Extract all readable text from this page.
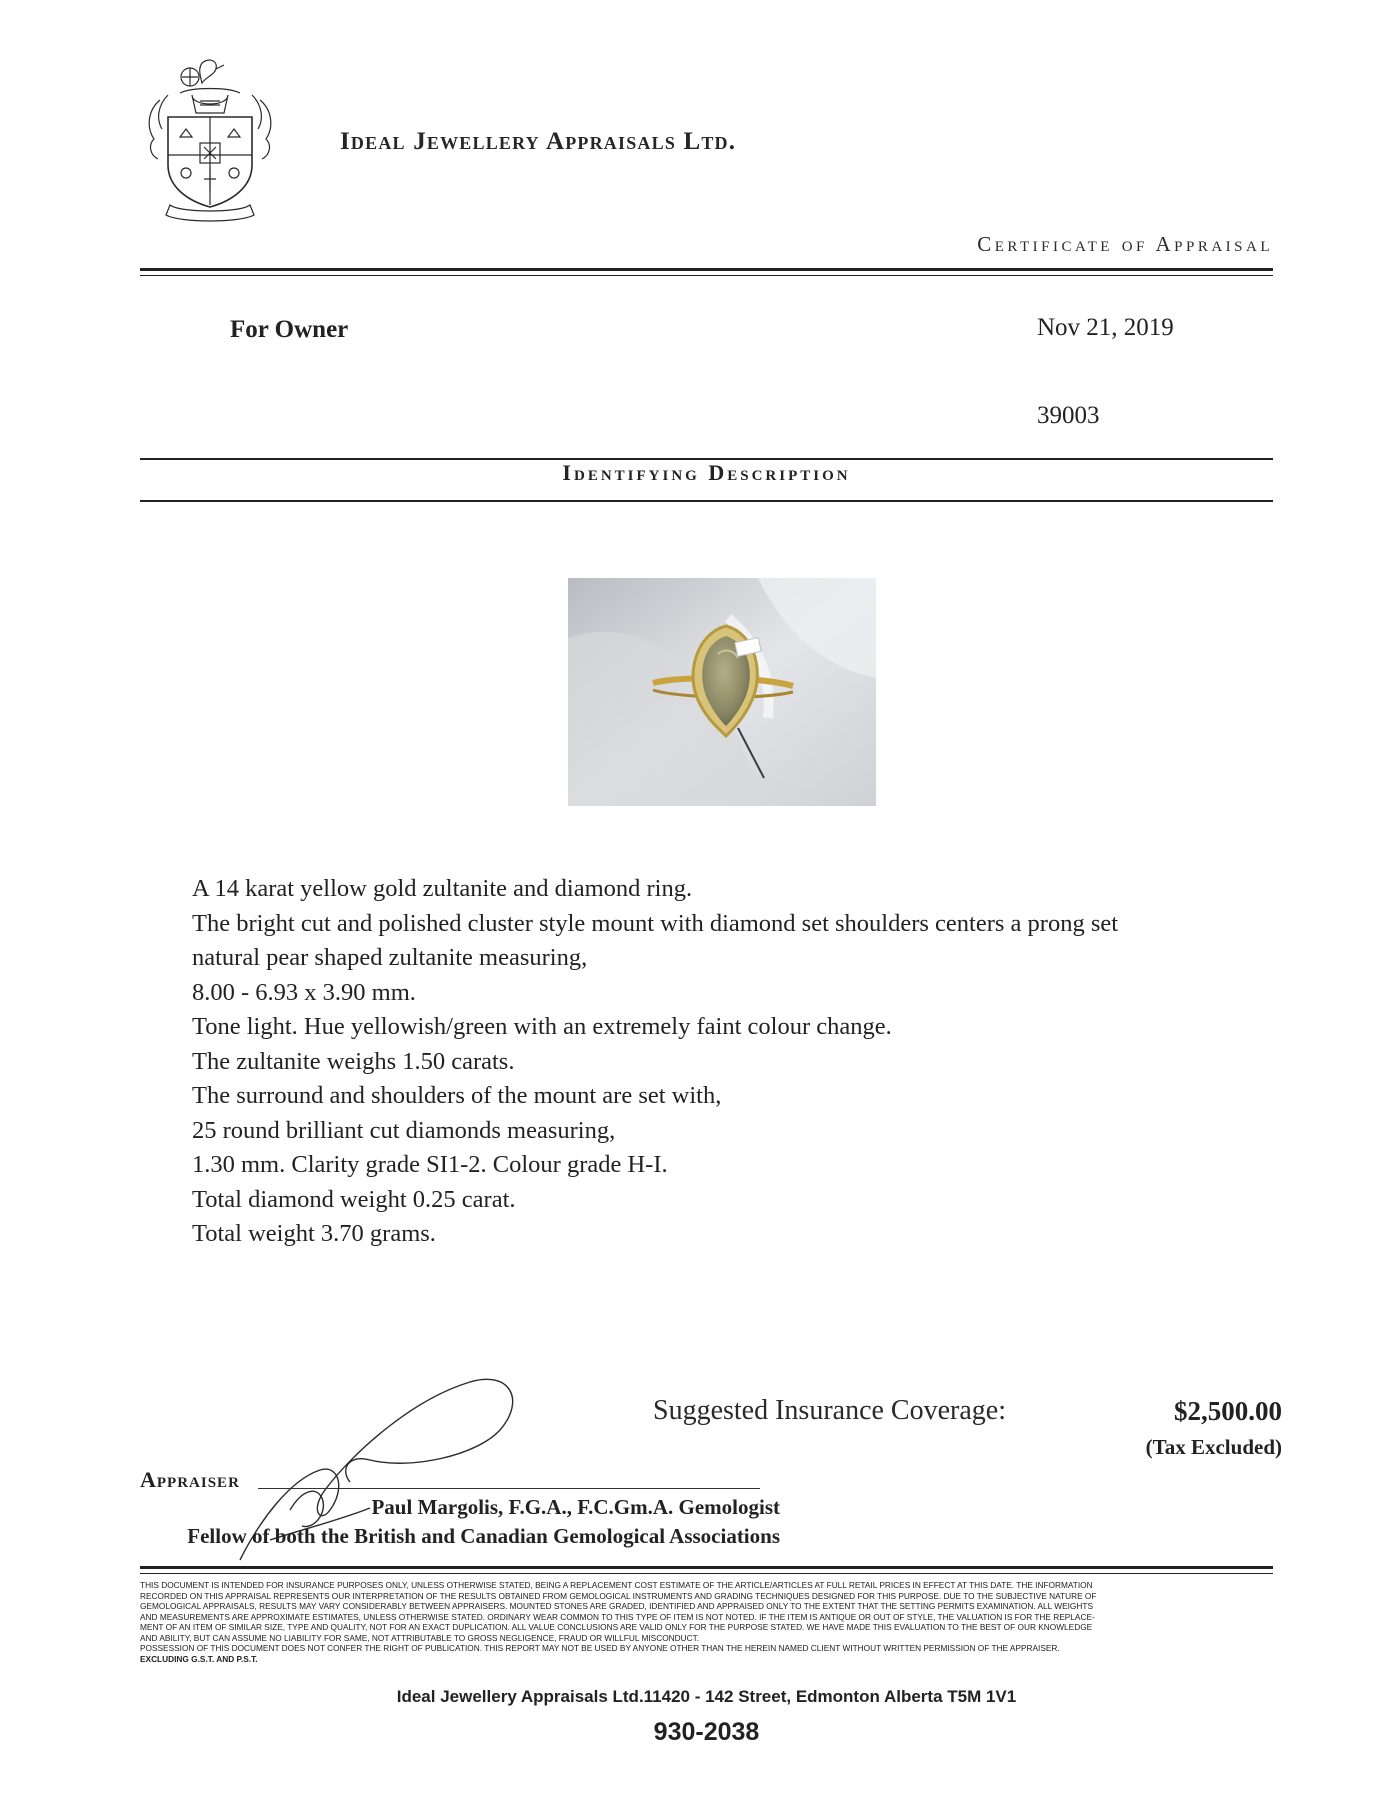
Ideal Jewellery Appraisals Ltd.
Certificate of Appraisal
For Owner	Nov 21, 2019
39003
Identifying Description
A 14 karat yellow gold zultanite and diamond ring.
The bright cut and polished cluster style mount with diamond set shoulders centers a prong set
natural pear shaped zultanite measuring,
8.00 - 6.93 x 3.90 mm.
Tone light. Hue yellowish/green with an extremely faint colour change.
The zultanite weighs 1.50 carats.
The surround and shoulders of the mount are set with,
25 round brilliant cut diamonds measuring,
1.30 mm. Clarity grade SI1-2. Colour grade H-I.
Total diamond weight 0.25 carat.
Total weight 3.70 grams.
Suggested Insurance Coverage:	$2,500.00
(Tax Excluded)
Appraiser
Paul Margolis, F.G.A., F.C.Gm.A. Gemologist
Fellow of both the British and Canadian Gemological Associations
THIS DOCUMENT IS INTENDED FOR INSURANCE PURPOSES ONLY, UNLESS OTHERWISE STATED, BEING A REPLACEMENT COST ESTIMATE OF THE ARTICLE/ARTICLES AT FULL RETAIL PRICES IN EFFECT AT THIS DATE. THE INFORMATION
RECORDED ON THIS APPRAISAL REPRESENTS OUR INTERPRETATION OF THE RESULTS OBTAINED FROM GEMOLOGICAL INSTRUMENTS AND GRADING TECHNIQUES DESIGNED FOR THIS PURPOSE. DUE TO THE SUBJECTIVE NATURE OF
GEMOLOGICAL APPRAISALS, RESULTS MAY VARY CONSIDERABLY BETWEEN APPRAISERS. MOUNTED STONES ARE GRADED, IDENTIFIED AND APPRAISED ONLY TO THE EXTENT THAT THE SETTING PERMITS EXAMINATION. ALL WEIGHTS
AND MEASUREMENTS ARE APPROXIMATE ESTIMATES, UNLESS OTHERWISE STATED. ORDINARY WEAR COMMON TO THIS TYPE OF ITEM IS NOT NOTED. IF THE ITEM IS ANTIQUE OR OUT OF STYLE, THE VALUATION IS FOR THE REPLACE-
MENT OF AN ITEM OF SIMILAR SIZE, TYPE AND QUALITY, NOT FOR AN EXACT DUPLICATION. ALL VALUE CONCLUSIONS ARE VALID ONLY FOR THE PURPOSE STATED. WE HAVE MADE THIS EVALUATION TO THE BEST OF OUR KNOWLEDGE
AND ABILITY, BUT CAN ASSUME NO LIABILITY FOR SAME, NOT ATTRIBUTABLE TO GROSS NEGLIGENCE, FRAUD OR WILLFUL MISCONDUCT.
POSSESSION OF THIS DOCUMENT DOES NOT CONFER THE RIGHT OF PUBLICATION. THIS REPORT MAY NOT BE USED BY ANYONE OTHER THAN THE HEREIN NAMED CLIENT WITHOUT WRITTEN PERMISSION OF THE APPRAISER.
EXCLUDING G.S.T. AND P.S.T.
Ideal Jewellery Appraisals Ltd.11420 - 142 Street, Edmonton Alberta T5M 1V1
930-2038
